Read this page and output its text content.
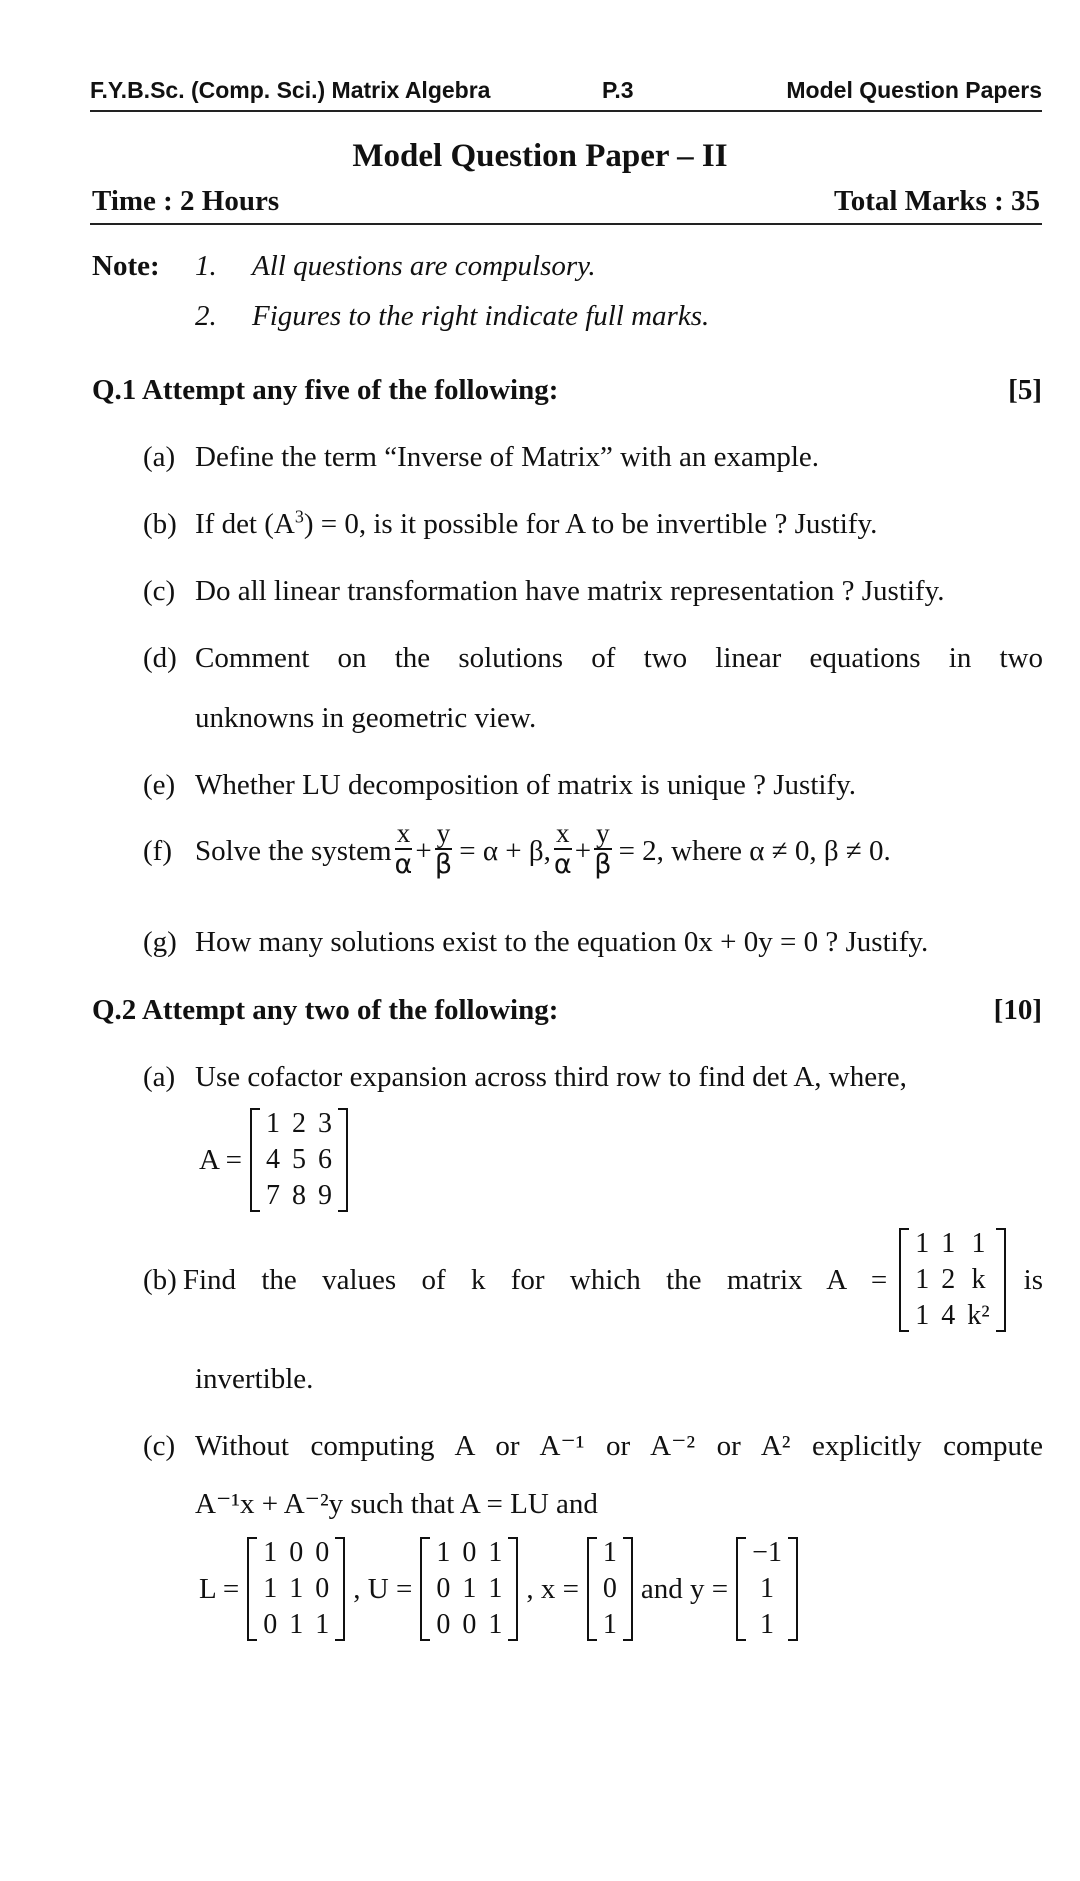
F.Y.B.Sc. (Comp. Sci.) Matrix Algebra	P.3	Model Question Papers
Model Question Paper – II
Time : 2 Hours	Total Marks : 35
Note: 1. All questions are compulsory.
2. Figures to the right indicate full marks.
Q.1 Attempt any five of the following:	[5]
(a) Define the term “Inverse of Matrix” with an example.
(b) If $\det (A^3) = 0$, is it possible for A to be invertible ? Justify.
(c) Do all linear transformation have matrix representation ? Justify.
(d) Comment on the solutions of two linear equations in two
unknowns in geometric view.
(e) Whether LU decomposition of matrix is unique ? Justify.
(f) Solve the system $\frac{x}{\alpha} + \frac{y}{\beta} = \alpha + \beta$, $\frac{x}{\alpha} + \frac{y}{\beta} = 2$, where α ≠ 0, β ≠ 0.
(g) How many solutions exist to the equation 0x + 0y = 0 ? Justify.
Q.2 Attempt any two of the following:	[10]
(a) Use cofactor expansion across third row to find det A, where,
A =
1	2	3
4	5	6
7	8	9
(b) Find the values of k for which the matrix A =
1	1	1
1	2	k
1	4	k²
is
invertible.
(c) Without computing A or A⁻¹ or A⁻² or A² explicitly compute
A⁻¹x + A⁻²y such that A = LU and
L =
1	0	0
1	1	0
0	1	1
, U =
1	0	1
0	1	1
0	0	1
, x =
1
0
1
and y =
−1
1
1
